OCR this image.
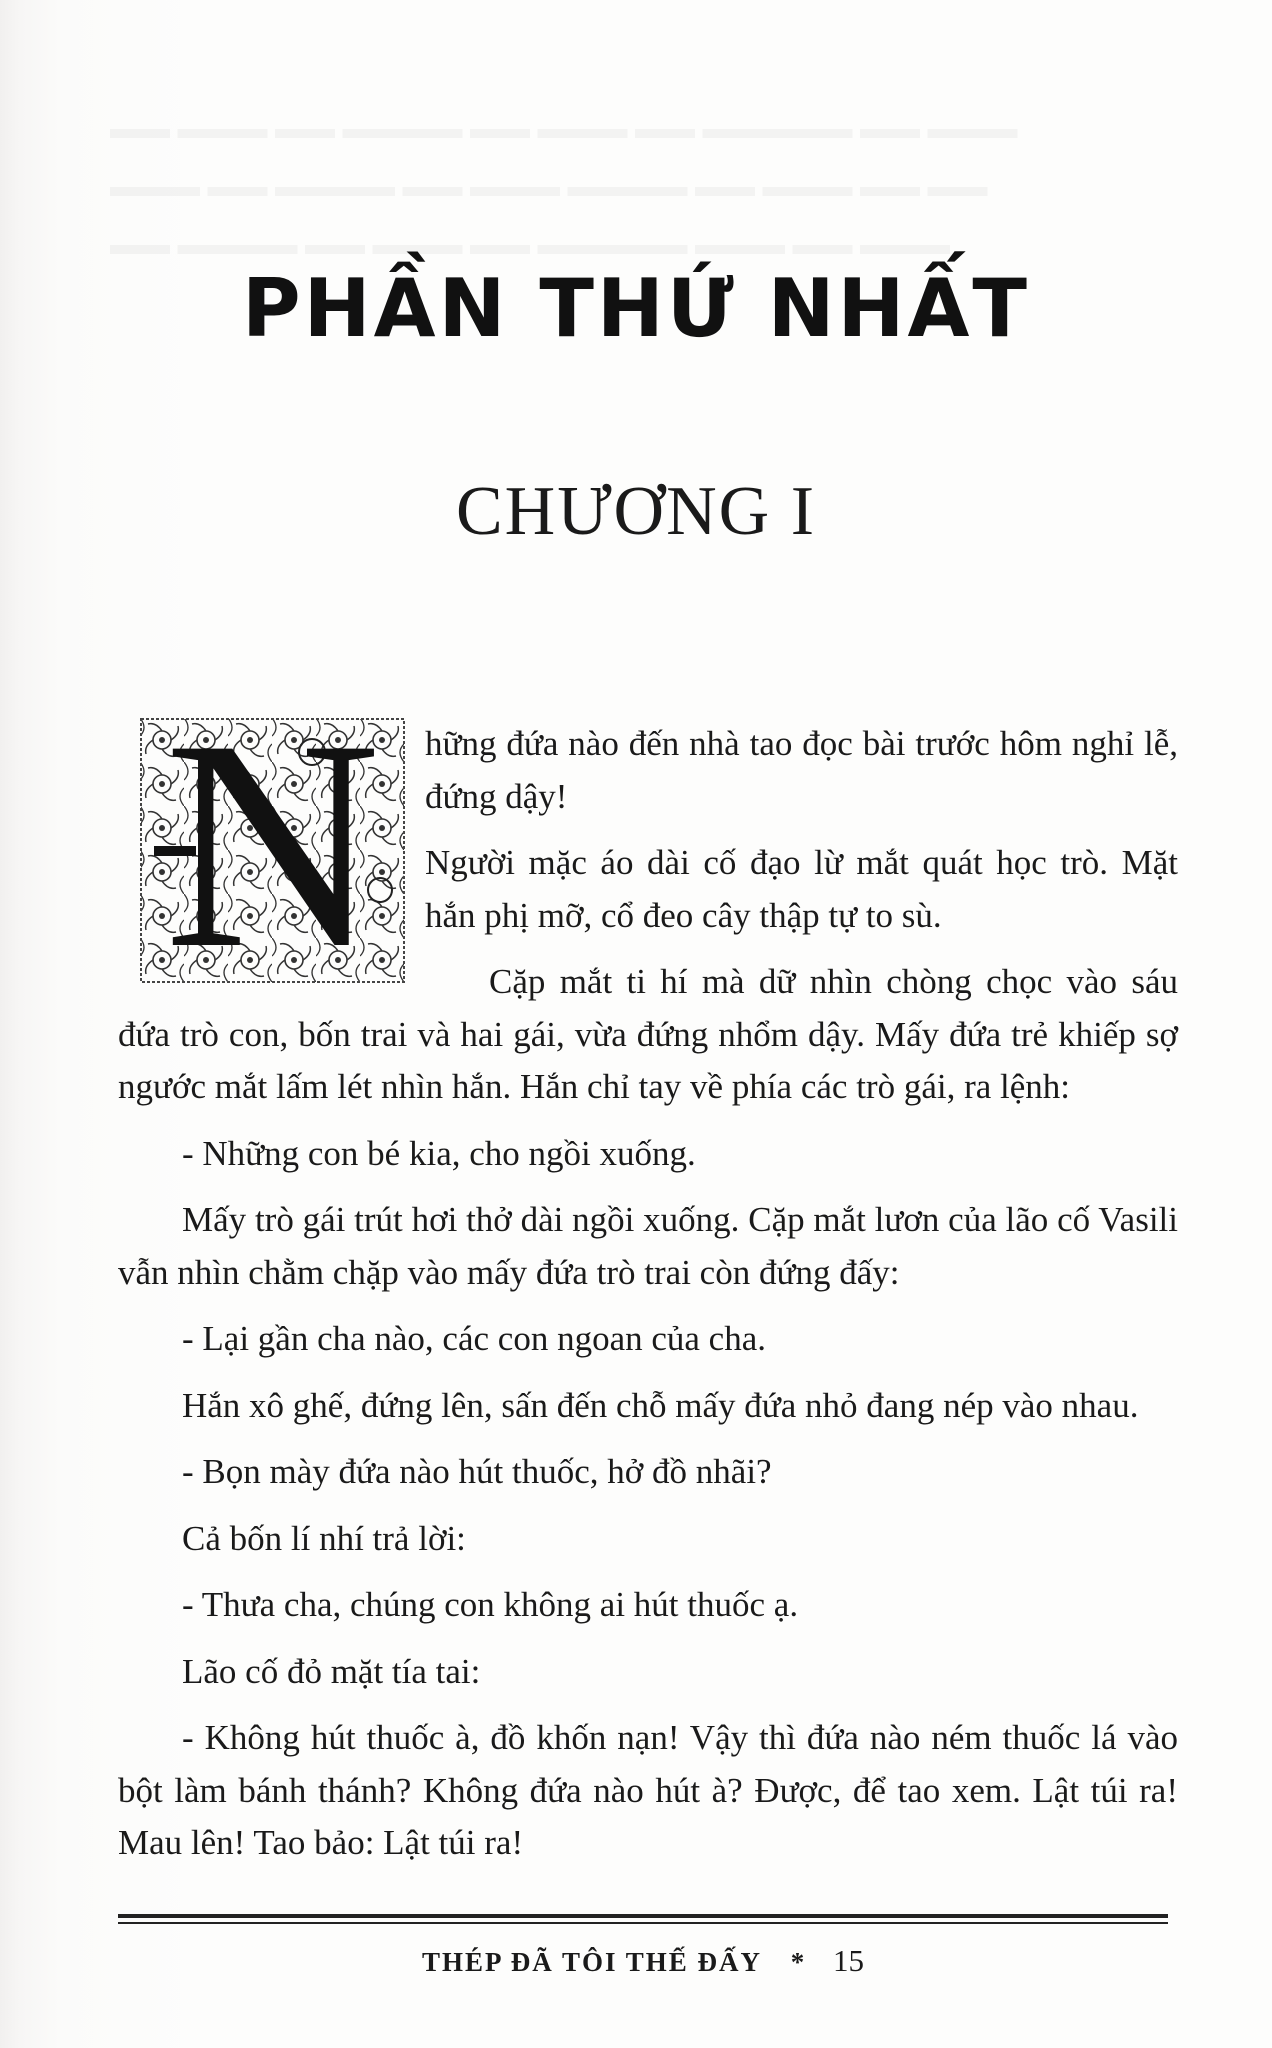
PHẦN THỨ NHẤT
CHƯƠNG I
N	hững đứa nào đến nhà tao đọc bài trước hôm nghỉ lễ, đứng dậy!

Người mặc áo dài cố đạo lừ mắt quát học trò. Mặt hắn phị mỡ, cổ đeo cây thập tự to sù.

Cặp mắt ti hí mà dữ nhìn chòng chọc vào sáu đứa trò con, bốn trai và hai gái, vừa đứng nhổm dậy. Mấy đứa trẻ khiếp sợ ngước mắt lấm lét nhìn hắn. Hắn chỉ tay về phía các trò gái, ra lệnh:

- Những con bé kia, cho ngồi xuống.

Mấy trò gái trút hơi thở dài ngồi xuống. Cặp mắt lươn của lão cố Vasili vẫn nhìn chằm chặp vào mấy đứa trò trai còn đứng đấy:

- Lại gần cha nào, các con ngoan của cha.

Hắn xô ghế, đứng lên, sấn đến chỗ mấy đứa nhỏ đang nép vào nhau.

- Bọn mày đứa nào hút thuốc, hở đồ nhãi?

Cả bốn lí nhí trả lời:

- Thưa cha, chúng con không ai hút thuốc ạ.

Lão cố đỏ mặt tía tai:

- Không hút thuốc à, đồ khốn nạn! Vậy thì đứa nào ném thuốc lá vào bột làm bánh thánh? Không đứa nào hút à? Được, để tao xem. Lật túi ra! Mau lên! Tao bảo: Lật túi ra!

THÉP ĐÃ TÔI THẾ ĐẤY * 15
